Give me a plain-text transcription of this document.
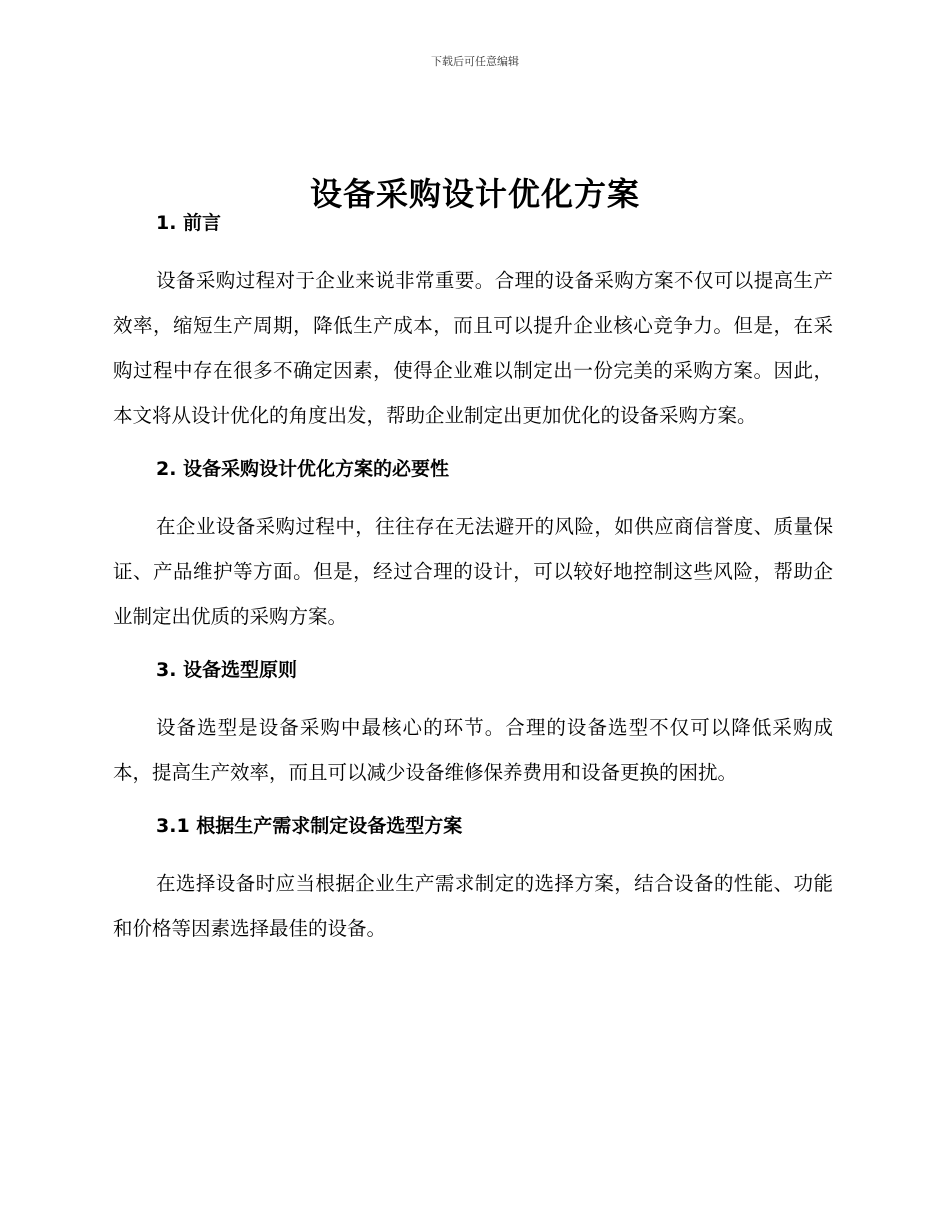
下载后可任意编辑
设备采购设计优化方案
1. 前言

设备采购过程对于企业来说非常重要。合理的设备采购方案不仅可以提高生产效率，缩短生产周期，降低生产成本，而且可以提升企业核心竞争力。但是，在采购过程中存在很多不确定因素，使得企业难以制定出一份完美的采购方案。因此，本文将从设计优化的角度出发，帮助企业制定出更加优化的设备采购方案。

2. 设备采购设计优化方案的必要性

在企业设备采购过程中，往往存在无法避开的风险，如供应商信誉度、质量保证、产品维护等方面。但是，经过合理的设计，可以较好地控制这些风险，帮助企业制定出优质的采购方案。

3. 设备选型原则

设备选型是设备采购中最核心的环节。合理的设备选型不仅可以降低采购成本，提高生产效率，而且可以减少设备维修保养费用和设备更换的困扰。

3.1 根据生产需求制定设备选型方案

在选择设备时应当根据企业生产需求制定的选择方案，结合设备的性能、功能和价格等因素选择最佳的设备。
